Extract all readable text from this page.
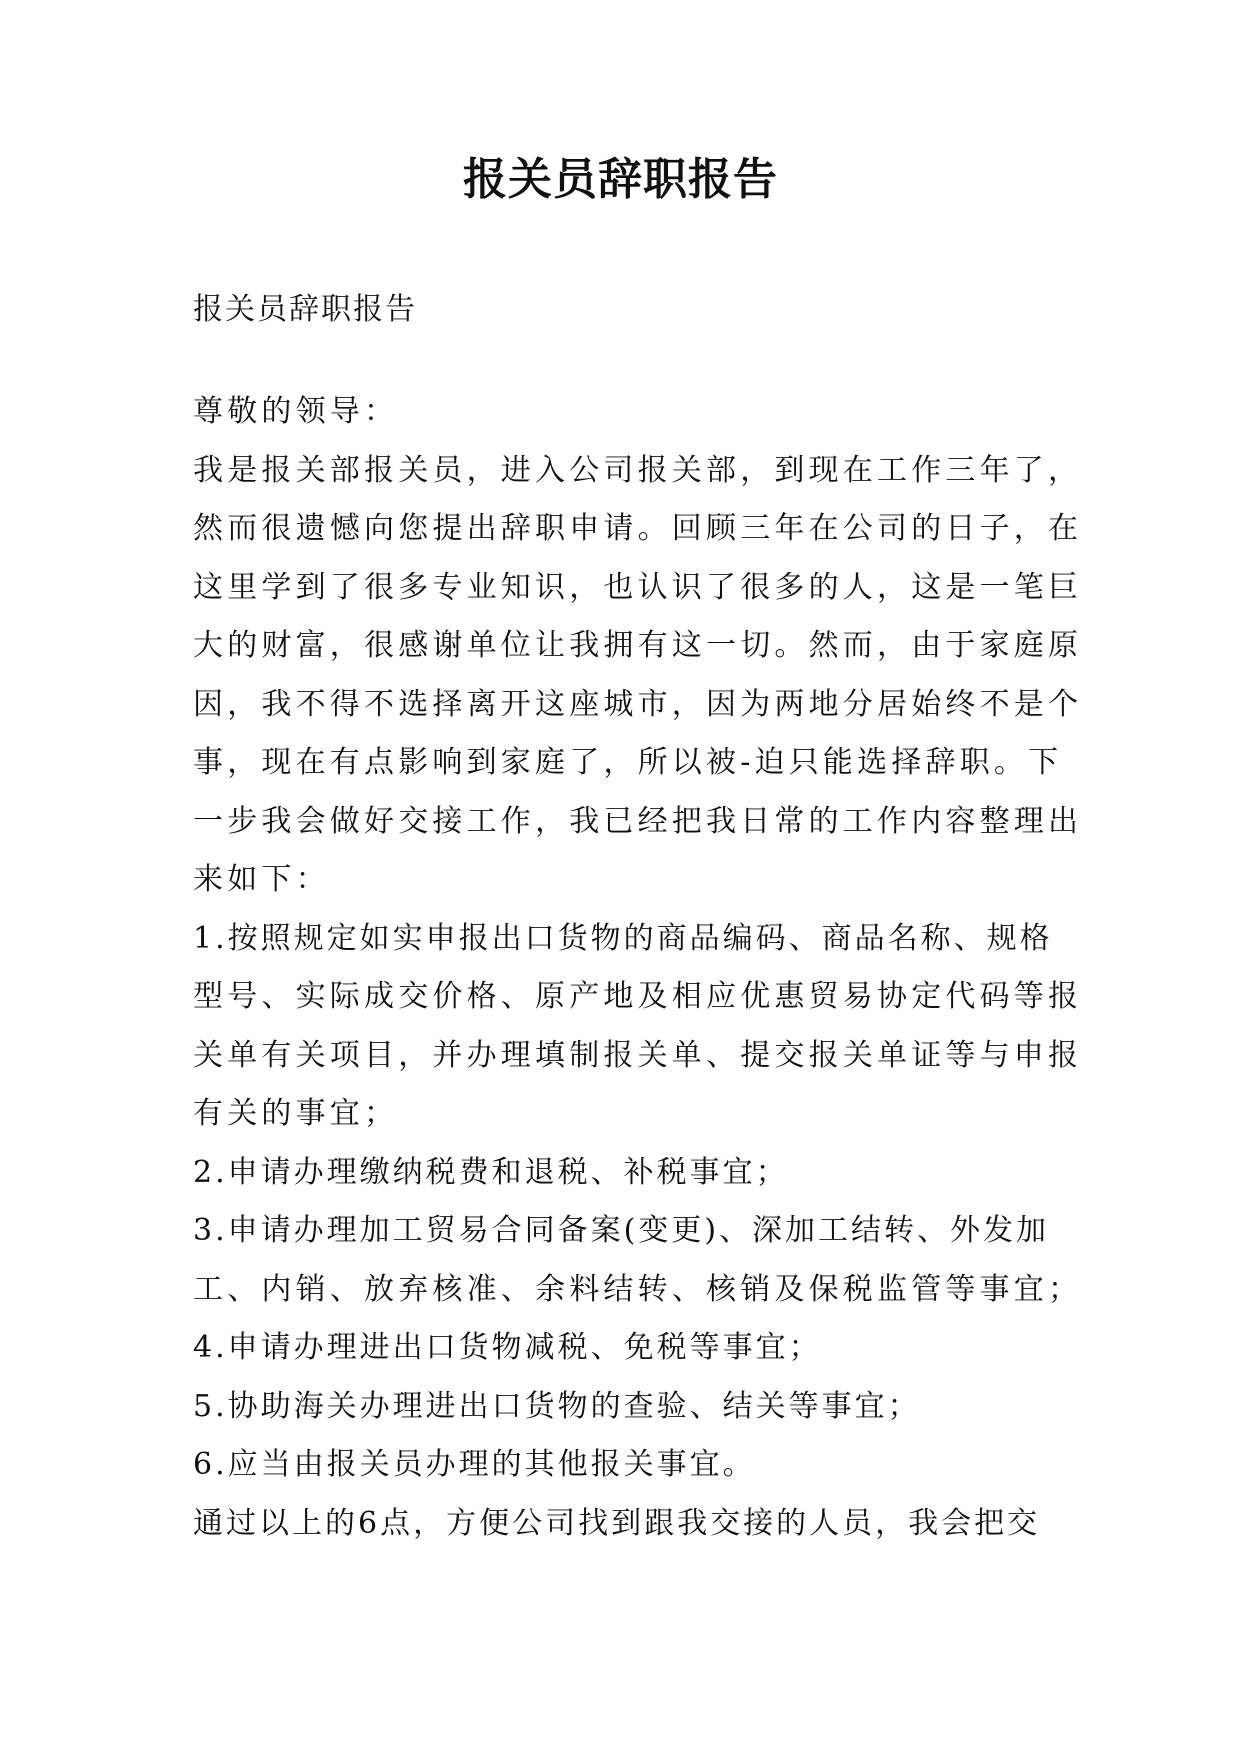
报关员辞职报告

报关员辞职报告

尊敬的领导：
我是报关部报关员，进入公司报关部，到现在工作三年了，
然而很遗憾向您提出辞职申请。回顾三年在公司的日子，在
这里学到了很多专业知识，也认识了很多的人，这是一笔巨
大的财富，很感谢单位让我拥有这一切。然而，由于家庭原
因，我不得不选择离开这座城市，因为两地分居始终不是个
事，现在有点影响到家庭了，所以被-迫只能选择辞职。下
一步我会做好交接工作，我已经把我日常的工作内容整理出
来如下：
1.按照规定如实申报出口货物的商品编码、商品名称、规格
型号、实际成交价格、原产地及相应优惠贸易协定代码等报
关单有关项目，并办理填制报关单、提交报关单证等与申报
有关的事宜；
2.申请办理缴纳税费和退税、补税事宜；
3.申请办理加工贸易合同备案(变更)、深加工结转、外发加
工、内销、放弃核准、余料结转、核销及保税监管等事宜；
4.申请办理进出口货物减税、免税等事宜；
5.协助海关办理进出口货物的查验、结关等事宜；
6.应当由报关员办理的其他报关事宜。
通过以上的6点，方便公司找到跟我交接的人员，我会把交
